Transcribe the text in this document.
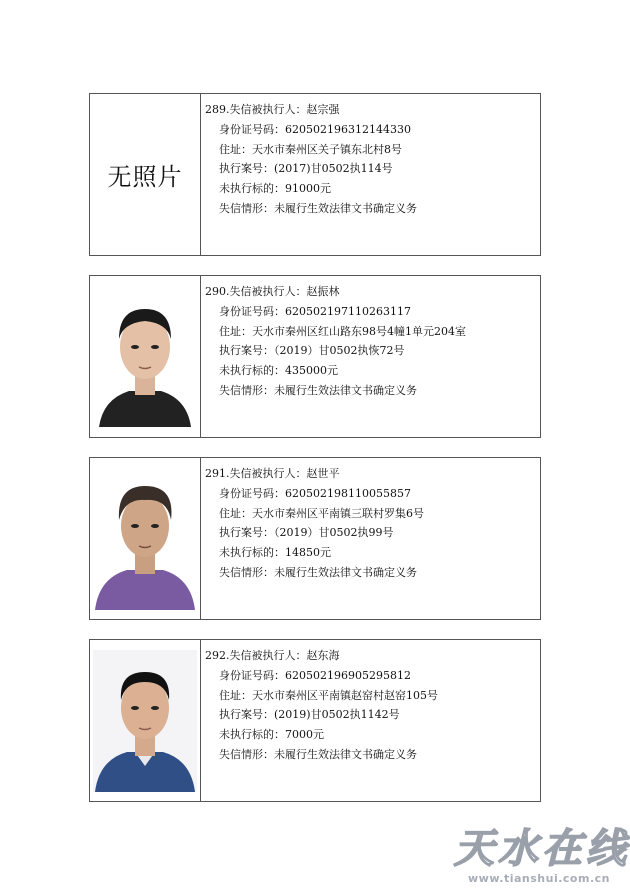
无照片
289.失信被执行人：赵宗强
身份证号码：620502196312144330
住址：天水市秦州区关子镇东北村8号
执行案号：(2017)甘0502执114号
未执行标的：91000元
失信情形：未履行生效法律文书确定义务
290.失信被执行人：赵振林
身份证号码：620502197110263117
住址：天水市秦州区红山路东98号4幢1单元204室
执行案号：（2019）甘0502执恢72号
未执行标的：435000元
失信情形：未履行生效法律文书确定义务
291.失信被执行人：赵世平
身份证号码：620502198110055857
住址：天水市秦州区平南镇三联村罗集6号
执行案号：（2019）甘0502执99号
未执行标的：14850元
失信情形：未履行生效法律文书确定义务
292.失信被执行人：赵东海
身份证号码：620502196905295812
住址：天水市秦州区平南镇赵窑村赵窑105号
执行案号：(2019)甘0502执1142号
未执行标的：7000元
失信情形：未履行生效法律文书确定义务
天水在线
www.tianshui.com.cn
